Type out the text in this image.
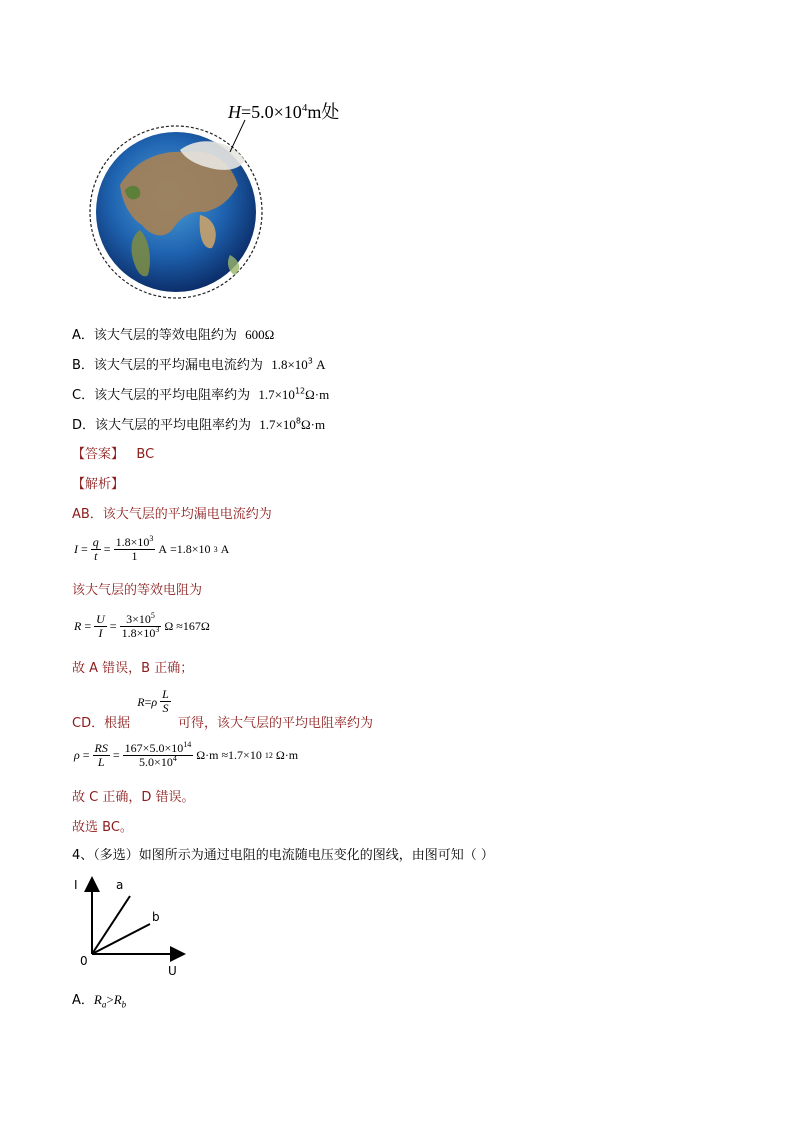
$H=5.0\times 10^4m$处
A．该大气层的等效电阻约为 600Ω
B．该大气层的平均漏电电流约为 $1.8\times 10^3$ A
C．该大气层的平均电阻率约为 $1.7\times 10^{12}\Omega\cdot m$
D．该大气层的平均电阻率约为 $1.7\times 10^8\Omega\cdot m$
【答案】 BC
【解析】
AB．该大气层的平均漏电电流约为
$I = \frac{q}{t} = \frac{1.8\times 10^3}{1}$ A =1.8×10 3 A
该大气层的等效电阻为
$R = \frac{U}{I} = \frac{3\times 10^5}{1.8\times 10^3}$ Ω ≈167Ω
故 A 错误，B 正确；
CD．根据 $R=\rho \frac{L}{S}$
可得，该大气层的平均电阻率约为
$\rho = \frac{RS}{L} = \frac{167\times 5.0\times 10^{14}}{5.0\times 10^4} \Omega\cdot m \approx 1.7\times 10$ 12 Ω·m
故 C 正确，D 错误。
故选 BC。
4、（多选）如图所示为通过电阻的电流随电压变化的图线，由图可知（ ）
I
U
0
a
b
A．$R_a>R_b$
